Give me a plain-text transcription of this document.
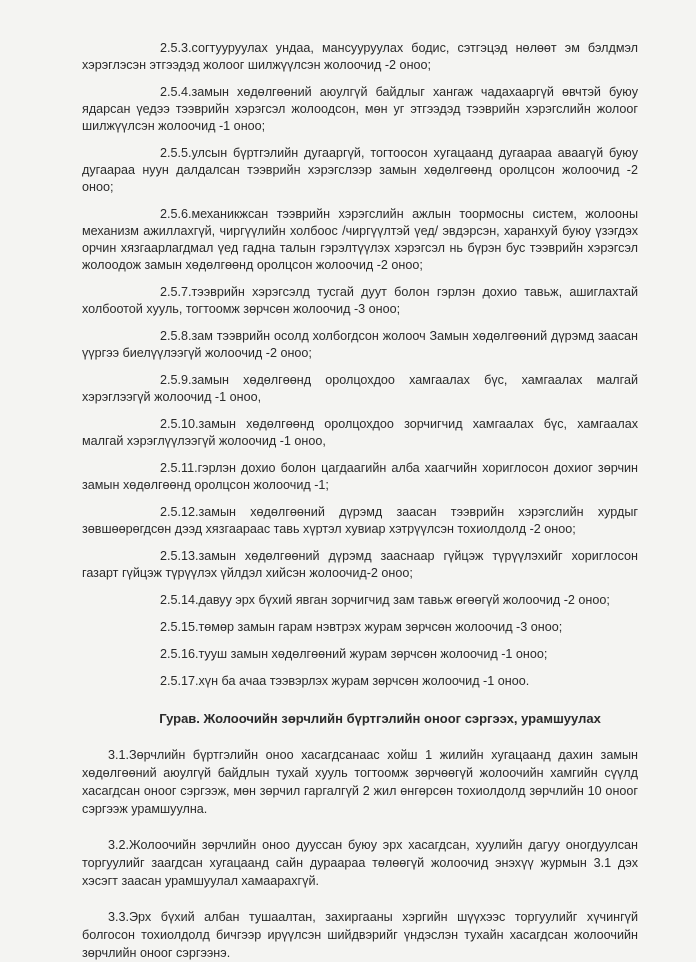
2.5.3.согтууруулах ундаа, мансууруулах бодис, сэтгэцэд нөлөөт эм бэлдмэл хэрэглэсэн этгээдэд жолоог шилжүүлсэн жолоочид -2 оноо;

2.5.4.замын хөдөлгөөний аюулгүй байдлыг хангаж чадахааргүй өвчтэй буюу ядарсан үедээ тээврийн хэрэгсэл жолоодсон, мөн уг этгээдэд тээврийн хэрэгслийн жолоог шилжүүлсэн жолоочид -1 оноо;

2.5.5.улсын бүртгэлийн дугааргүй, тогтоосон хугацаанд дугаараа аваагүй буюу дугаараа нуун далдалсан тээврийн хэрэгслээр замын хөдөлгөөнд оролцсон жолоочид -2 оноо;

2.5.6.механикжсан тээврийн хэрэгслийн ажлын тоормосны систем, жолооны механизм ажиллахгүй, чиргүүлийн холбоос /чиргүүлтэй үед/ эвдэрсэн, харанхуй буюу үзэгдэх орчин хязгаарлагдмал үед гадна талын гэрэлтүүлэх хэрэгсэл нь бүрэн бус тээврийн хэрэгсэл жолоодож замын хөдөлгөөнд оролцсон жолоочид -2 оноо;

2.5.7.тээврийн хэрэгсэлд тусгай дуут болон гэрлэн дохио тавьж, ашиглахтай холбоотой хууль, тогтоомж зөрчсөн жолоочид -3 оноо;

2.5.8.зам тээврийн осолд холбогдсон жолооч Замын хөдөлгөөний дүрэмд заасан үүргээ биелүүлээгүй жолоочид -2 оноо;

2.5.9.замын хөдөлгөөнд оролцохдоо хамгаалах бүс, хамгаалах малгай хэрэглээгүй жолоочид -1 оноо,

2.5.10.замын хөдөлгөөнд оролцохдоо зорчигчид хамгаалах бүс, хамгаалах малгай хэрэглүүлээгүй жолоочид -1 оноо,

2.5.11.гэрлэн дохио болон цагдаагийн алба хаагчийн хориглосон дохиог зөрчин замын хөдөлгөөнд оролцсон жолоочид -1;

2.5.12.замын хөдөлгөөний дүрэмд заасан тээврийн хэрэгслийн хурдыг зөвшөөрөгдсөн дээд хязгаараас тавь хүртэл хувиар хэтрүүлсэн тохиолдолд -2 оноо;

2.5.13.замын хөдөлгөөний дүрэмд зааснаар гүйцэж түрүүлэхийг хориглосон газарт гүйцэж түрүүлэх үйлдэл хийсэн жолоочид-2 оноо;

2.5.14.давуу эрх бүхий явган зорчигчид зам тавьж өгөөгүй жолоочид -2 оноо;

2.5.15.төмөр замын гарам нэвтрэх журам зөрчсөн жолоочид -3 оноо;

2.5.16.тууш замын хөдөлгөөний журам зөрчсөн жолоочид -1 оноо;

2.5.17.хүн ба ачаа тээвэрлэх журам зөрчсөн жолоочид -1 оноо.

Гурав. Жолоочийн зөрчлийн бүртгэлийн оноог сэргээх, урамшуулах

3.1.Зөрчлийн бүртгэлийн оноо хасагдсанаас хойш 1 жилийн хугацаанд дахин замын хөдөлгөөний аюулгүй байдлын тухай хууль тогтоомж зөрчөөгүй жолоочийн хамгийн сүүлд хасагдсан оноог сэргээж, мөн зөрчил гаргалгүй 2 жил өнгөрсөн тохиолдолд зөрчлийн 10 оноог сэргээж урамшуулна.

3.2.Жолоочийн зөрчлийн оноо дууссан буюу эрх хасагдсан, хуулийн дагуу оногдуулсан торгуулийг заагдсан хугацаанд сайн дураараа төлөөгүй жолоочид энэхүү журмын 3.1 дэх хэсэгт заасан урамшуулал хамаарахгүй.

3.3.Эрх бүхий албан тушаалтан, захиргааны хэргийн шүүхээс торгуулийг хүчингүй болгосон тохиолдолд бичгээр ирүүлсэн шийдвэрийг үндэслэн тухайн хасагдсан жолоочийн зөрчлийн оноог сэргээнэ.
